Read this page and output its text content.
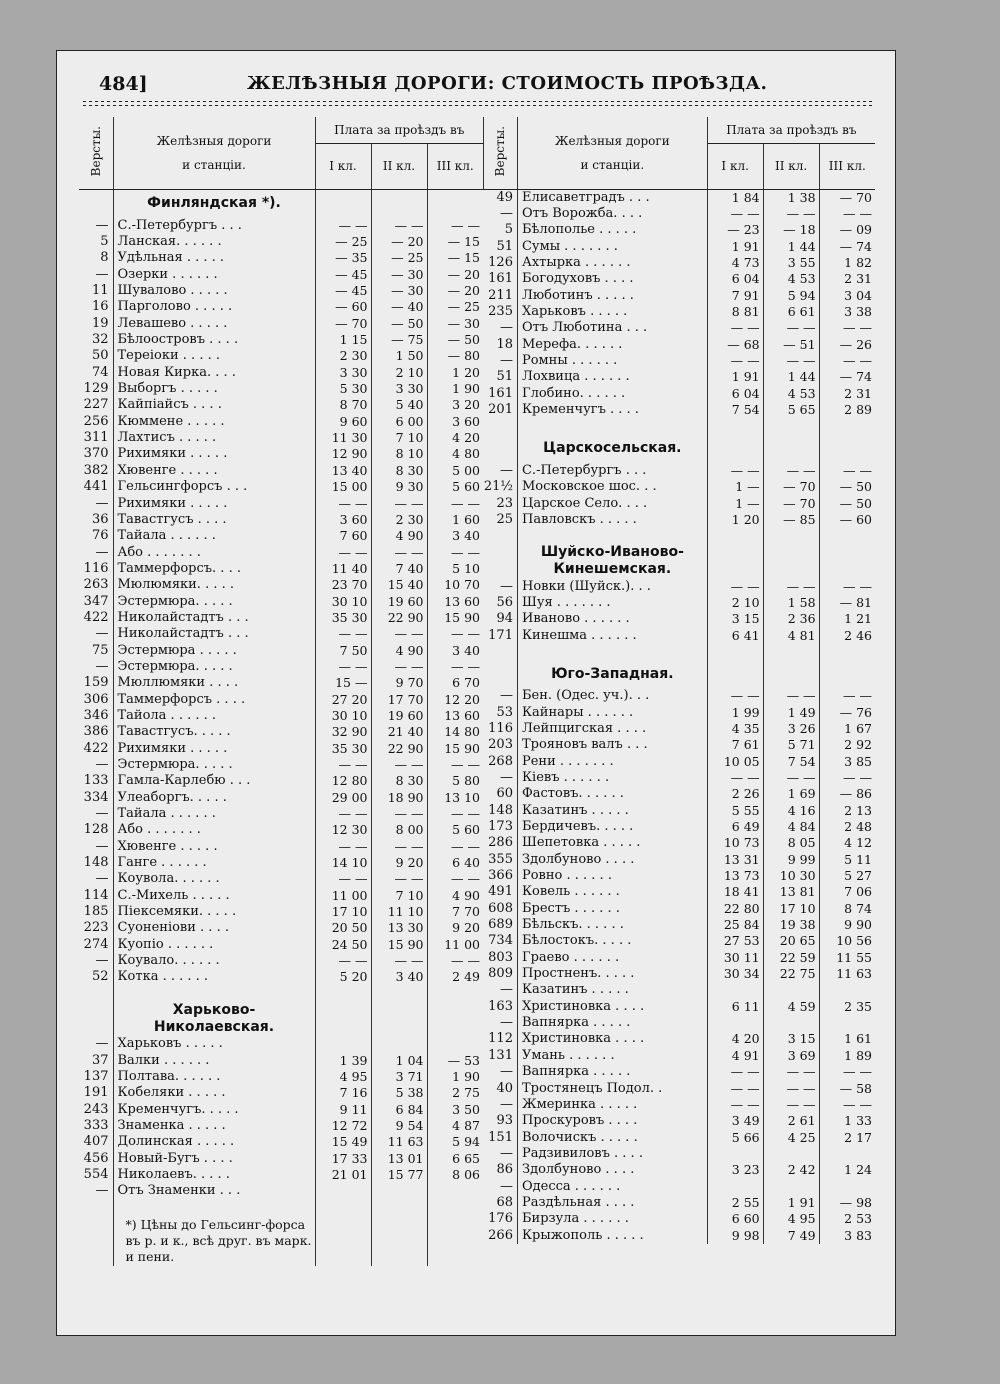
484]	ЖЕЛѢЗНЫЯ ДОРОГИ: СТОИМОСТЬ ПРОѢЗДА.
Версты.	Желѣзныя дороги
и станціи.	Плата за проѣздъ въ		
		I кл.	II кл.	III кл.
	Финляндская *).			
—	С.-Петербургъ . . .	— —	— —	— —
5	Ланская. . . . . .	— 25	— 20	— 15
8	Удѣльная . . . . .	— 35	— 25	— 15
—	Озерки . . . . . .	— 45	— 30	— 20
11	Шувалово . . . . .	— 45	— 30	— 20
16	Парголово . . . . .	— 60	— 40	— 25
19	Левашево . . . . .	— 70	— 50	— 30
32	Бѣлоостровъ . . . .	1 15	— 75	— 50
50	Тереiоки . . . . .	2 30	1 50	— 80
74	Новая Кирка. . . .	3 30	2 10	1 20
129	Выборгъ . . . . .	5 30	3 30	1 90
227	Кайпіайсъ . . . .	8 70	5 40	3 20
256	Кюммене . . . . .	9 60	6 00	3 60
311	Лахтисъ . . . . .	11 30	7 10	4 20
370	Рихимяки . . . . .	12 90	8 10	4 80
382	Хювенге . . . . .	13 40	8 30	5 00
441	Гельсингфорсъ . . .	15 00	9 30	5 60
—	Рихимяки . . . . .	— —	— —	— —
36	Тавастгусъ . . . .	3 60	2 30	1 60
76	Тайала . . . . . .	7 60	4 90	3 40
—	Або . . . . . . .	— —	— —	— —
116	Таммерфорсъ. . . .	11 40	7 40	5 10
263	Мюлюмяки. . . . .	23 70	15 40	10 70
347	Эстермюра. . . . .	30 10	19 60	13 60
422	Николайстадтъ . . .	35 30	22 90	15 90
—	Николайстадтъ . . .	— —	— —	— —
75	Эстермюра . . . . .	7 50	4 90	3 40
—	Эстермюра. . . . .	— —	— —	— —
159	Мюллюмяки . . . .	15 —	9 70	6 70
306	Таммерфорсъ . . . .	27 20	17 70	12 20
346	Тайола . . . . . .	30 10	19 60	13 60
386	Тавастгусъ. . . . .	32 90	21 40	14 80
422	Рихимяки . . . . .	35 30	22 90	15 90
—	Эстермюра. . . . .	— —	— —	— —
133	Гамла-Карлебю . . .	12 80	8 30	5 80
334	Улеаборгъ. . . . .	29 00	18 90	13 10
—	Тайала . . . . . .	— —	— —	— —
128	Або . . . . . . .	12 30	8 00	5 60
—	Хювенге . . . . .	— —	— —	— —
148	Ганге . . . . . .	14 10	9 20	6 40
—	Коувола. . . . . .	— —	— —	— —
114	С.-Михель . . . . .	11 00	7 10	4 90
185	Піексемяки. . . . .	17 10	11 10	7 70
223	Суоненіови . . . .	20 50	13 30	9 20
274	Куопіо . . . . . .	24 50	15 90	11 00
—	Коувало. . . . . .	— —	— —	— —
52	Котка . . . . . .	5 20	3 40	2 49

	Харьково-Николаевская.			
—	Харьковъ . . . . .			
37	Валки . . . . . .	1 39	1 04	— 53
137	Полтава. . . . . .	4 95	3 71	1 90
191	Кобеляки . . . . .	7 16	5 38	2 75
243	Кременчугъ. . . . .	9 11	6 84	3 50
333	Знаменка . . . . .	12 72	9 54	4 87
407	Долинская . . . . .	15 49	11 63	5 94
456	Новый-Бугъ . . . .	17 33	13 01	6 65
554	Николаевъ. . . . .	21 01	15 77	8 06
—	Отъ Знаменки . . .			

	*) Цѣны до Гельсинг-форса въ р. и к., всѣ друг. въ марк. и пени.			
Версты.	Желѣзныя дороги
и станціи.	Плата за проѣздъ въ		
		I кл.	II кл.	III кл.
49	Елисаветградъ . . .	1 84	1 38	— 70
—	Отъ Ворожба. . . .	— —	— —	— —
5	Бѣлополье . . . . .	— 23	— 18	— 09
51	Сумы . . . . . . .	1 91	1 44	— 74
126	Ахтырка . . . . . .	4 73	3 55	1 82
161	Богодуховъ . . . .	6 04	4 53	2 31
211	Люботинъ . . . . .	7 91	5 94	3 04
235	Харьковъ . . . . .	8 81	6 61	3 38
—	Отъ Люботина . . .	— —	— —	— —
18	Мерефа. . . . . .	— 68	— 51	— 26
—	Ромны . . . . . .	— —	— —	— —
51	Лохвица . . . . . .	1 91	1 44	— 74
161	Глобино. . . . . .	6 04	4 53	2 31
201	Кременчугъ . . . .	7 54	5 65	2 89

	Царскосельская.			
—	С.-Петербургъ . . .	— —	— —	— —
21½	Московское шос. . .	1 —	— 70	— 50
23	Царское Село. . . .	1 —	— 70	— 50
25	Павловскъ . . . . .	1 20	— 85	— 60

	Шуйско-Иваново-Кинешемская.			
—	Новки (Шуйск.). . .	— —	— —	— —
56	Шуя . . . . . . .	2 10	1 58	— 81
94	Иваново . . . . . .	3 15	2 36	1 21
171	Кинешма . . . . . .	6 41	4 81	2 46

	Юго-Западная.			
—	Бен. (Одес. уч.). . .	— —	— —	— —
53	Кайнары . . . . . .	1 99	1 49	— 76
116	Лейпцигская . . . .	4 35	3 26	1 67
203	Трояновъ валъ . . .	7 61	5 71	2 92
268	Рени . . . . . . .	10 05	7 54	3 85
—	Кіевъ . . . . . .	— —	— —	— —
60	Фастовъ. . . . . .	2 26	1 69	— 86
148	Казатинъ . . . . .	5 55	4 16	2 13
173	Бердичевъ. . . . .	6 49	4 84	2 48
286	Шепетовка . . . . .	10 73	8 05	4 12
355	Здолбуново . . . .	13 31	9 99	5 11
366	Ровно . . . . . .	13 73	10 30	5 27
491	Ковель . . . . . .	18 41	13 81	7 06
608	Брестъ . . . . . .	22 80	17 10	8 74
689	Бѣльскъ. . . . . .	25 84	19 38	9 90
734	Бѣлостокъ. . . . .	27 53	20 65	10 56
803	Граево . . . . . .	30 11	22 59	11 55
809	Простненъ. . . . .	30 34	22 75	11 63
—	Казатинъ . . . . .			
163	Христиновка . . . .	6 11	4 59	2 35
—	Вапнярка . . . . .			
112	Христиновка . . . .	4 20	3 15	1 61
131	Умань . . . . . .	4 91	3 69	1 89
—	Вапнярка . . . . .	— —	— —	— —
40	Тростянецъ Подол. .	— —	— —	— 58
—	Жмеринка . . . . .	— —	— —	— —
93	Проскуровъ . . . .	3 49	2 61	1 33
151	Волочискъ . . . . .	5 66	4 25	2 17
—	Радзивиловъ . . . .			
86	Здолбуново . . . .	3 23	2 42	1 24
—	Одесса . . . . . .			
68	Раздѣльная . . . .	2 55	1 91	— 98
176	Бирзула . . . . . .	6 60	4 95	2 53
266	Крыжополь . . . . .	9 98	7 49	3 83
